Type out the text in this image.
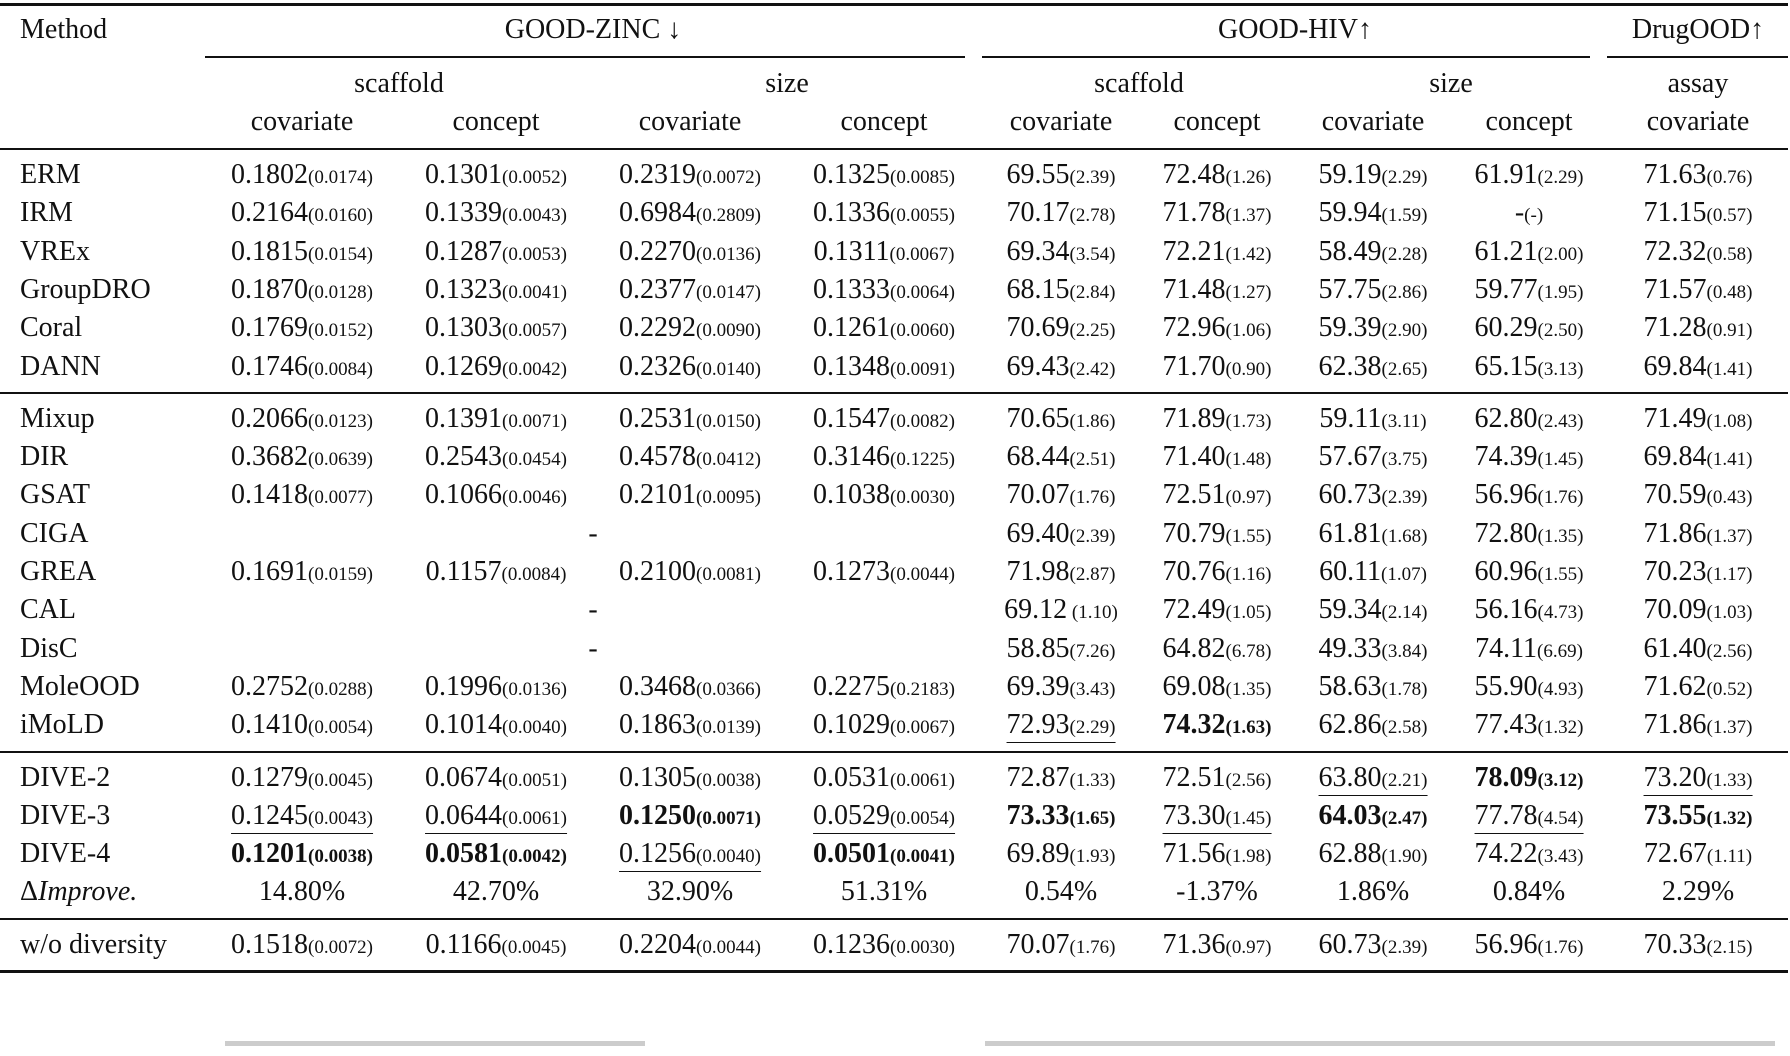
Method	GOOD-ZINC ↓	GOOD-HIV↑	DrugOOD↑
scaffold	size	scaffold	size	assay
covariate	concept	covariate	concept	covariate concept covariate concept	covariate
ERM	0.1802(0.0174) 0.1301(0.0052) 0.2319(0.0072) 0.1325(0.0085) 69.55(2.39) 72.48(1.26) 59.19(2.29) 61.91(2.29) 71.63(0.76)
IRM	0.2164(0.0160) 0.1339(0.0043) 0.6984(0.2809) 0.1336(0.0055) 70.17(2.78) 71.78(1.37) 59.94(1.59)	-(-)	71.15(0.57)
VREx	0.1815(0.0154) 0.1287(0.0053) 0.2270(0.0136) 0.1311(0.0067) 69.34(3.54) 72.21(1.42) 58.49(2.28) 61.21(2.00) 72.32(0.58)
GroupDRO	0.1870(0.0128) 0.1323(0.0041) 0.2377(0.0147) 0.1333(0.0064) 68.15(2.84) 71.48(1.27) 57.75(2.86) 59.77(1.95) 71.57(0.48)
Coral	0.1769(0.0152) 0.1303(0.0057) 0.2292(0.0090) 0.1261(0.0060) 70.69(2.25) 72.96(1.06) 59.39(2.90) 60.29(2.50) 71.28(0.91)
DANN	0.1746(0.0084) 0.1269(0.0042) 0.2326(0.0140) 0.1348(0.0091) 69.43(2.42) 71.70(0.90) 62.38(2.65) 65.15(3.13) 69.84(1.41)
Mixup	0.2066(0.0123) 0.1391(0.0071) 0.2531(0.0150) 0.1547(0.0082) 70.65(1.86) 71.89(1.73) 59.11(3.11) 62.80(2.43) 71.49(1.08)
DIR	0.3682(0.0639) 0.2543(0.0454) 0.4578(0.0412) 0.3146(0.1225) 68.44(2.51) 71.40(1.48) 57.67(3.75) 74.39(1.45) 69.84(1.41)
GSAT	0.1418(0.0077) 0.1066(0.0046) 0.2101(0.0095) 0.1038(0.0030) 70.07(1.76) 72.51(0.97) 60.73(2.39) 56.96(1.76) 70.59(0.43)
CIGA	-	69.40(2.39) 70.79(1.55) 61.81(1.68) 72.80(1.35) 71.86(1.37)
GREA	0.1691(0.0159) 0.1157(0.0084) 0.2100(0.0081) 0.1273(0.0044) 71.98(2.87) 70.76(1.16) 60.11(1.07) 60.96(1.55) 70.23(1.17)
CAL	-	69.12 (1.10) 72.49(1.05) 59.34(2.14) 56.16(4.73) 70.09(1.03)
DisC	-	58.85(7.26) 64.82(6.78) 49.33(3.84) 74.11(6.69) 61.40(2.56)
MoleOOD	0.2752(0.0288) 0.1996(0.0136) 0.3468(0.0366) 0.2275(0.2183) 69.39(3.43) 69.08(1.35) 58.63(1.78) 55.90(4.93) 71.62(0.52)
iMoLD	0.1410(0.0054) 0.1014(0.0040) 0.1863(0.0139) 0.1029(0.0067) 72.93(2.29) 74.32(1.63) 62.86(2.58) 77.43(1.32) 71.86(1.37)
DIVE-2	0.1279(0.0045) 0.0674(0.0051) 0.1305(0.0038) 0.0531(0.0061) 72.87(1.33) 72.51(2.56) 63.80(2.21) 78.09(3.12) 73.20(1.33)
DIVE-3	0.1245(0.0043) 0.0644(0.0061) 0.1250(0.0071) 0.0529(0.0054) 73.33(1.65) 73.30(1.45) 64.03(2.47) 77.78(4.54) 73.55(1.32)
DIVE-4	0.1201(0.0038) 0.0581(0.0042) 0.1256(0.0040) 0.0501(0.0041) 69.89(1.93) 71.56(1.98) 62.88(1.90) 74.22(3.43) 72.67(1.11)
ΔImprove.	14.80%	42.70%	32.90%	51.31%	0.54%	-1.37%	1.86%	0.84%	2.29%
w/o diversity 0.1518(0.0072) 0.1166(0.0045) 0.2204(0.0044) 0.1236(0.0030) 70.07(1.76) 71.36(0.97) 60.73(2.39) 56.96(1.76) 70.33(2.15)
